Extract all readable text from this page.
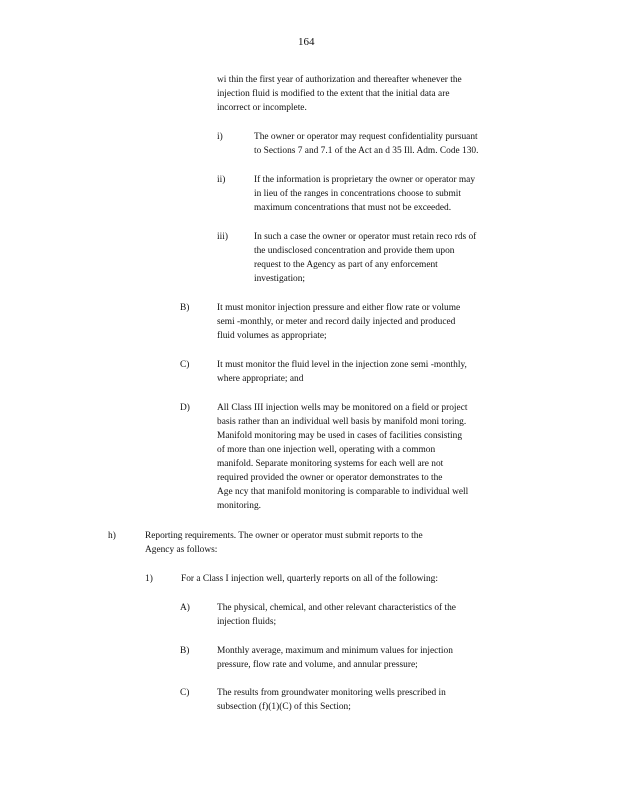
164
wi thin the first year of authorization and thereafter whenever the
injection fluid is modified to the extent that the initial data are
incorrect or incomplete.
i)	The owner or operator may request confidentiality pursuant
to Sections 7 and 7.1 of the Act an d 35 Ill. Adm. Code 130.
ii)	If the information is proprietary the owner or operator may
in lieu of the ranges in concentrations choose to submit
maximum concentrations that must not be exceeded.
iii)	In such a case the owner or operator must retain reco rds of
the undisclosed concentration and provide them upon
request to the Agency as part of any enforcement
investigation;
B)	It must monitor injection pressure and either flow rate or volume
semi -monthly, or meter and record daily injected and produced
fluid volumes as appropriate;
C)	It must monitor the fluid level in the injection zone semi -monthly,
where appropriate; and
D)	All Class III injection wells may be monitored on a field or project
basis rather than an individual well basis by manifold moni toring.
Manifold monitoring may be used in cases of facilities consisting
of more than one injection well, operating with a common
manifold. Separate monitoring systems for each well are not
required provided the owner or operator demonstrates to the
Age ncy that manifold monitoring is comparable to individual well
monitoring.
h)	Reporting requirements. The owner or operator must submit reports to the
Agency as follows:
1)	For a Class I injection well, quarterly reports on all of the following:
A)	The physical, chemical, and other relevant characteristics of the
injection fluids;
B)	Monthly average, maximum and minimum values for injection
pressure, flow rate and volume, and annular pressure;
C)	The results from groundwater monitoring wells prescribed in
subsection (f)(1)(C) of this Section;
